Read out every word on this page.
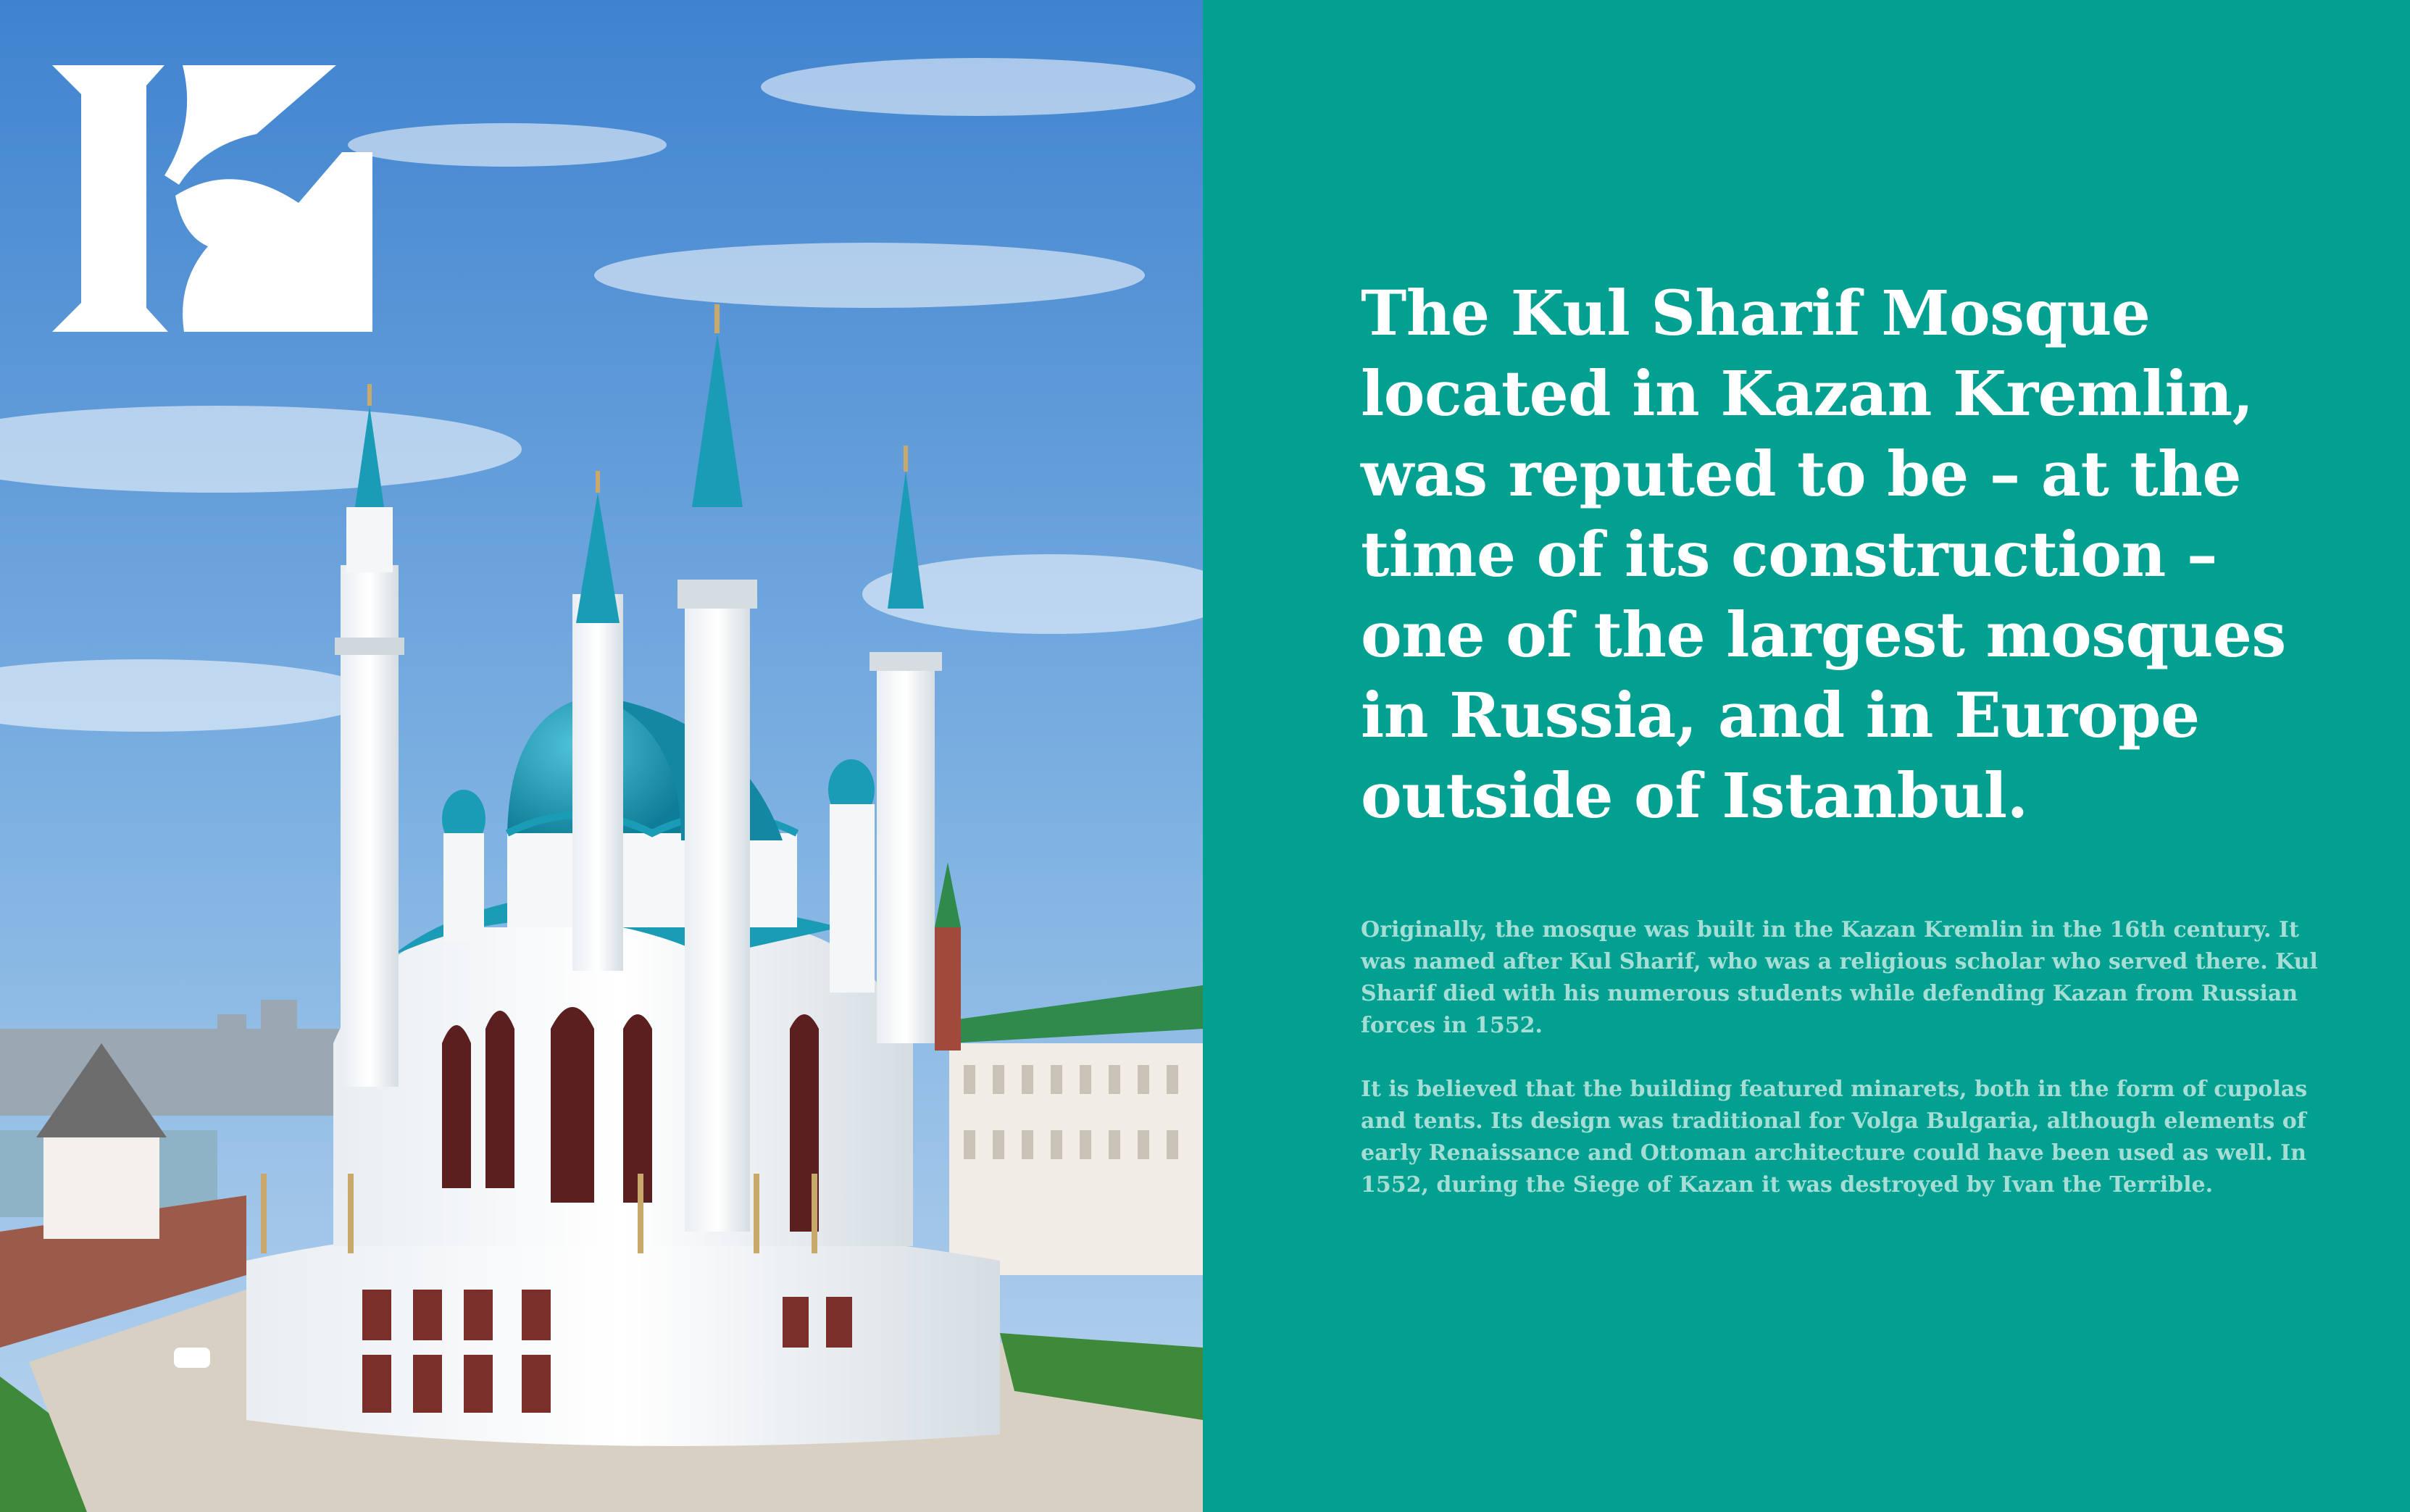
The Kul Sharif Mosque located in Kazan Kremlin, was reputed to be – at the time of its construction – one of the largest mosques in Russia, and in Europe outside of Istanbul.

Originally, the mosque was built in the Kazan Kremlin in the 16th century. It was named after Kul Sharif, who was a religious scholar who served there. Kul Sharif died with his numerous students while defending Kazan from Russian forces in 1552.

It is believed that the building featured minarets, both in the form of cupolas and tents. Its design was traditional for Volga Bulgaria, although elements of early Renaissance and Ottoman architecture could have been used as well. In 1552, during the Siege of Kazan it was destroyed by Ivan the Terrible.
